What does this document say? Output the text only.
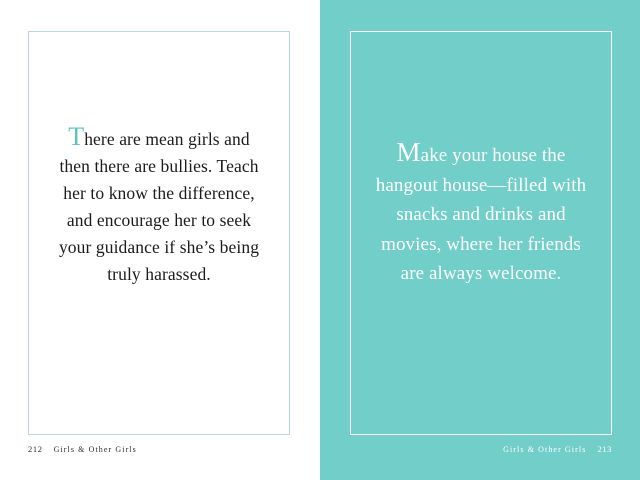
There are mean girls and then there are bullies. Teach her to know the difference, and encourage her to seek your guidance if she’s being truly harassed.

212 Girls & Other Girls

Make your house the hangout house—filled with snacks and drinks and movies, where her friends are always welcome.

Girls & Other Girls 213
